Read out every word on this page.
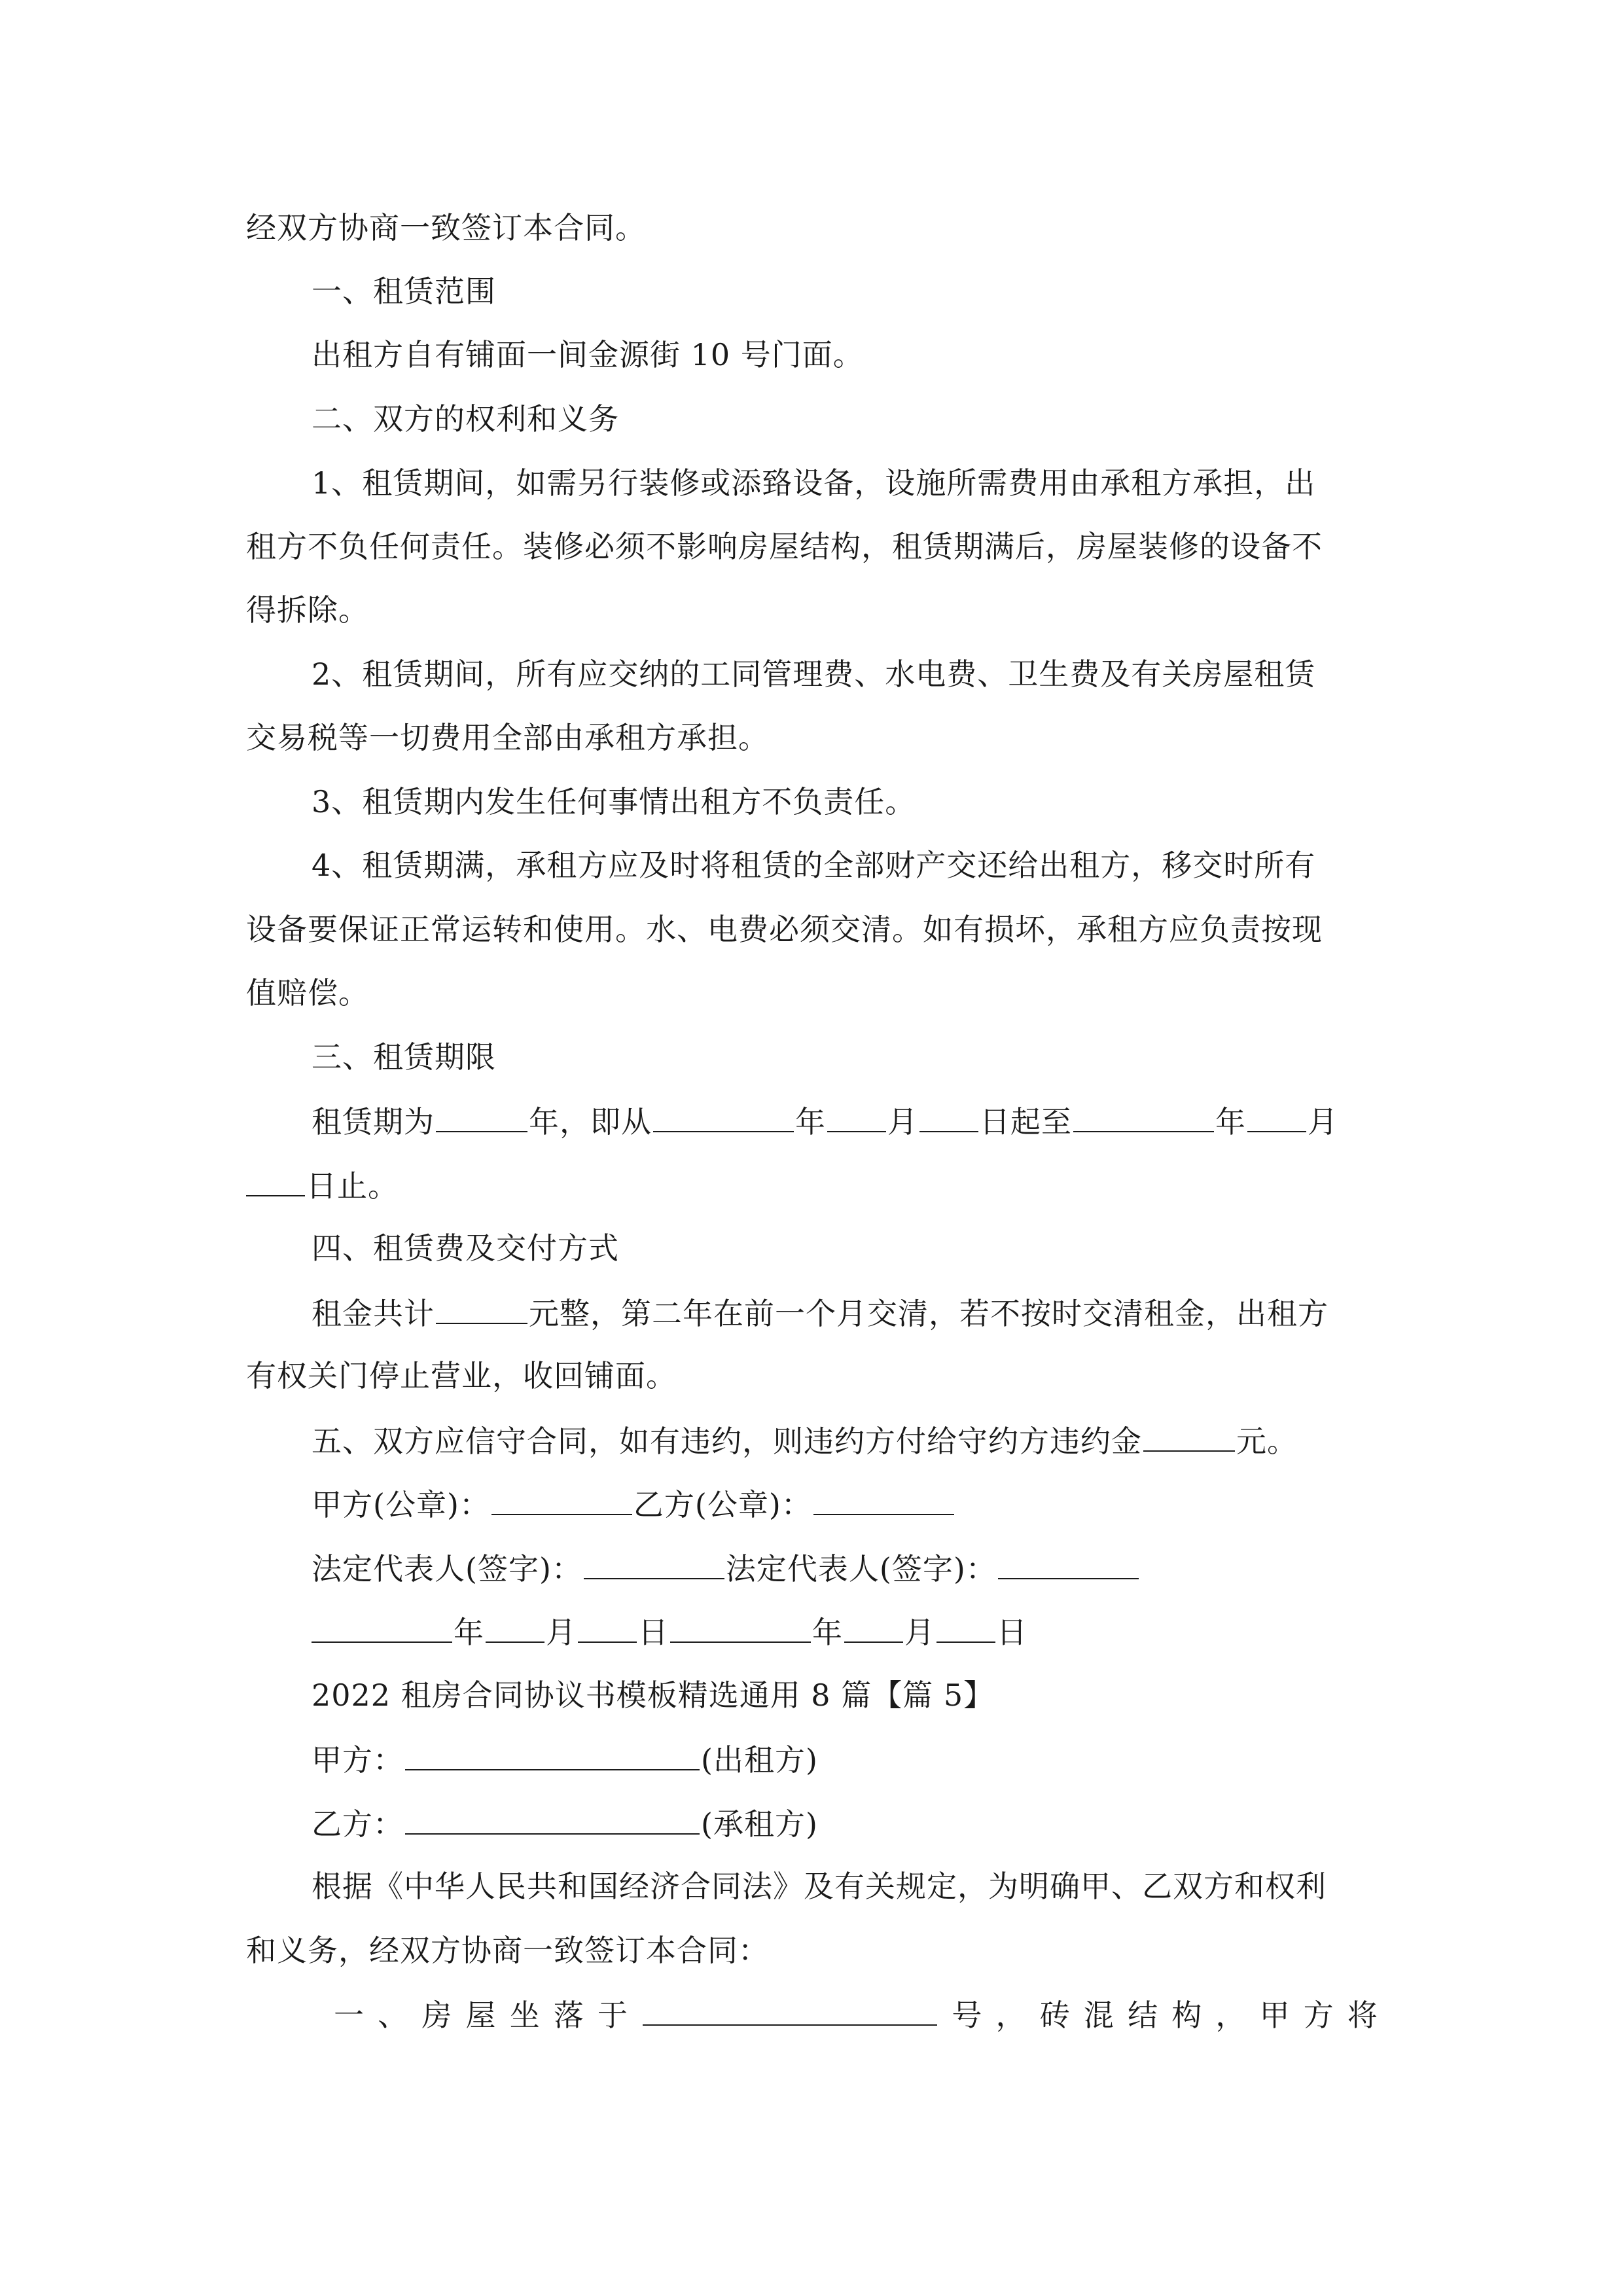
经双方协商一致签订本合同。
一、租赁范围
出租方自有铺面一间金源街 10 号门面。
二、双方的权利和义务
1、租赁期间，如需另行装修或添臵设备，设施所需费用由承租方承担，出
租方不负任何责任。装修必须不影响房屋结构，租赁期满后，房屋装修的设备不
得拆除。
2、租赁期间，所有应交纳的工同管理费、水电费、卫生费及有关房屋租赁
交易税等一切费用全部由承租方承担。
3、租赁期内发生任何事情出租方不负责任。
4、租赁期满，承租方应及时将租赁的全部财产交还给出租方，移交时所有
设备要保证正常运转和使用。水、电费必须交清。如有损坏，承租方应负责按现
值赔偿。
三、租赁期限
租赁期为	年，即从	年 月 日起至	年 月
日止。
四、租赁费及交付方式
租金共计	元整，第二年在前一个月交清，若不按时交清租金，出租方
有权关门停止营业，收回铺面。
五、双方应信守合同，如有违约，则违约方付给守约方违约金	元。
甲方(公章)：	乙方(公章)：
法定代表人(签字)：	法定代表人(签字)：
年 月 日	年 月 日
2022 租房合同协议书模板精选通用 8 篇【篇 5】
甲方：	(出租方)
乙方：	(承租方)
根据《中华人民共和国经济合同法》及有关规定，为明确甲、乙双方和权利
和义务，经双方协商一致签订本合同：
一 、 房 屋 坐 落 于	号 ， 砖 混 结 构 ， 甲 方 将
